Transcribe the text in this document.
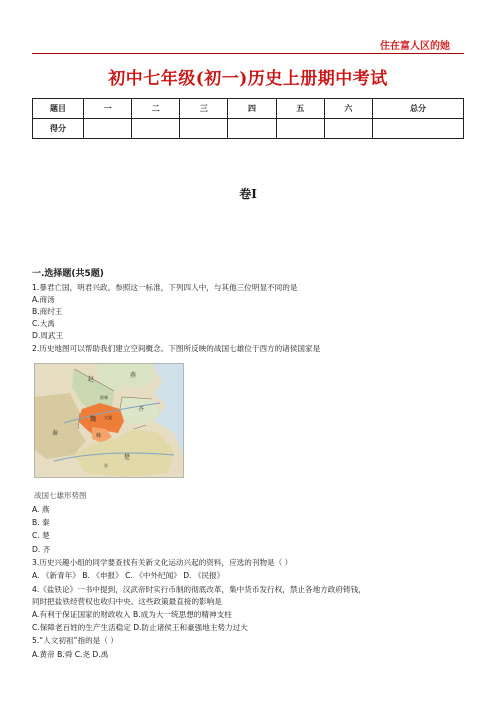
住在富人区的她
初中七年级(初一)历史上册期中考试
题目	一	二	三	四	五	六	总分
得分							
卷I
一.选择题(共5题)
1.暴君亡国，明君兴政。参照这一标准，下列四人中，与其他三位明显不同的是
A.商汤
B.商纣王
C.大禹
D.周武王
2.历史地图可以帮助我们建立空间概念。下图所反映的战国七雄位于西方的诸侯国家是
赵
燕
齐
魏
韩
秦
楚
郢
大梁
邯郸
战国七雄形势图
A. 燕
B. 秦
C. 楚
D. 齐
3.历史兴趣小组的同学要查找有关新文化运动兴起的资料，应选的刊物是（ ）
A. 《新青年》 B. 《申报》 C. 《中外纪闻》 D. 《民报》
4.《盐铁论》一书中提到，汉武帝时实行币制的彻底改革，集中货币发行权，禁止各地方政府铸钱，
同时把盐铁经营权也收归中央。这些政策最直接的影响是
A.有利于保证国家的财政收入 B.成为大一统思想的精神支柱
C.保障老百姓的生产生活稳定 D.防止诸侯王和豪强地主势力过大
5.“人文初祖”指的是（ ）
A.黄帝 B.舜 C.尧 D.禹
